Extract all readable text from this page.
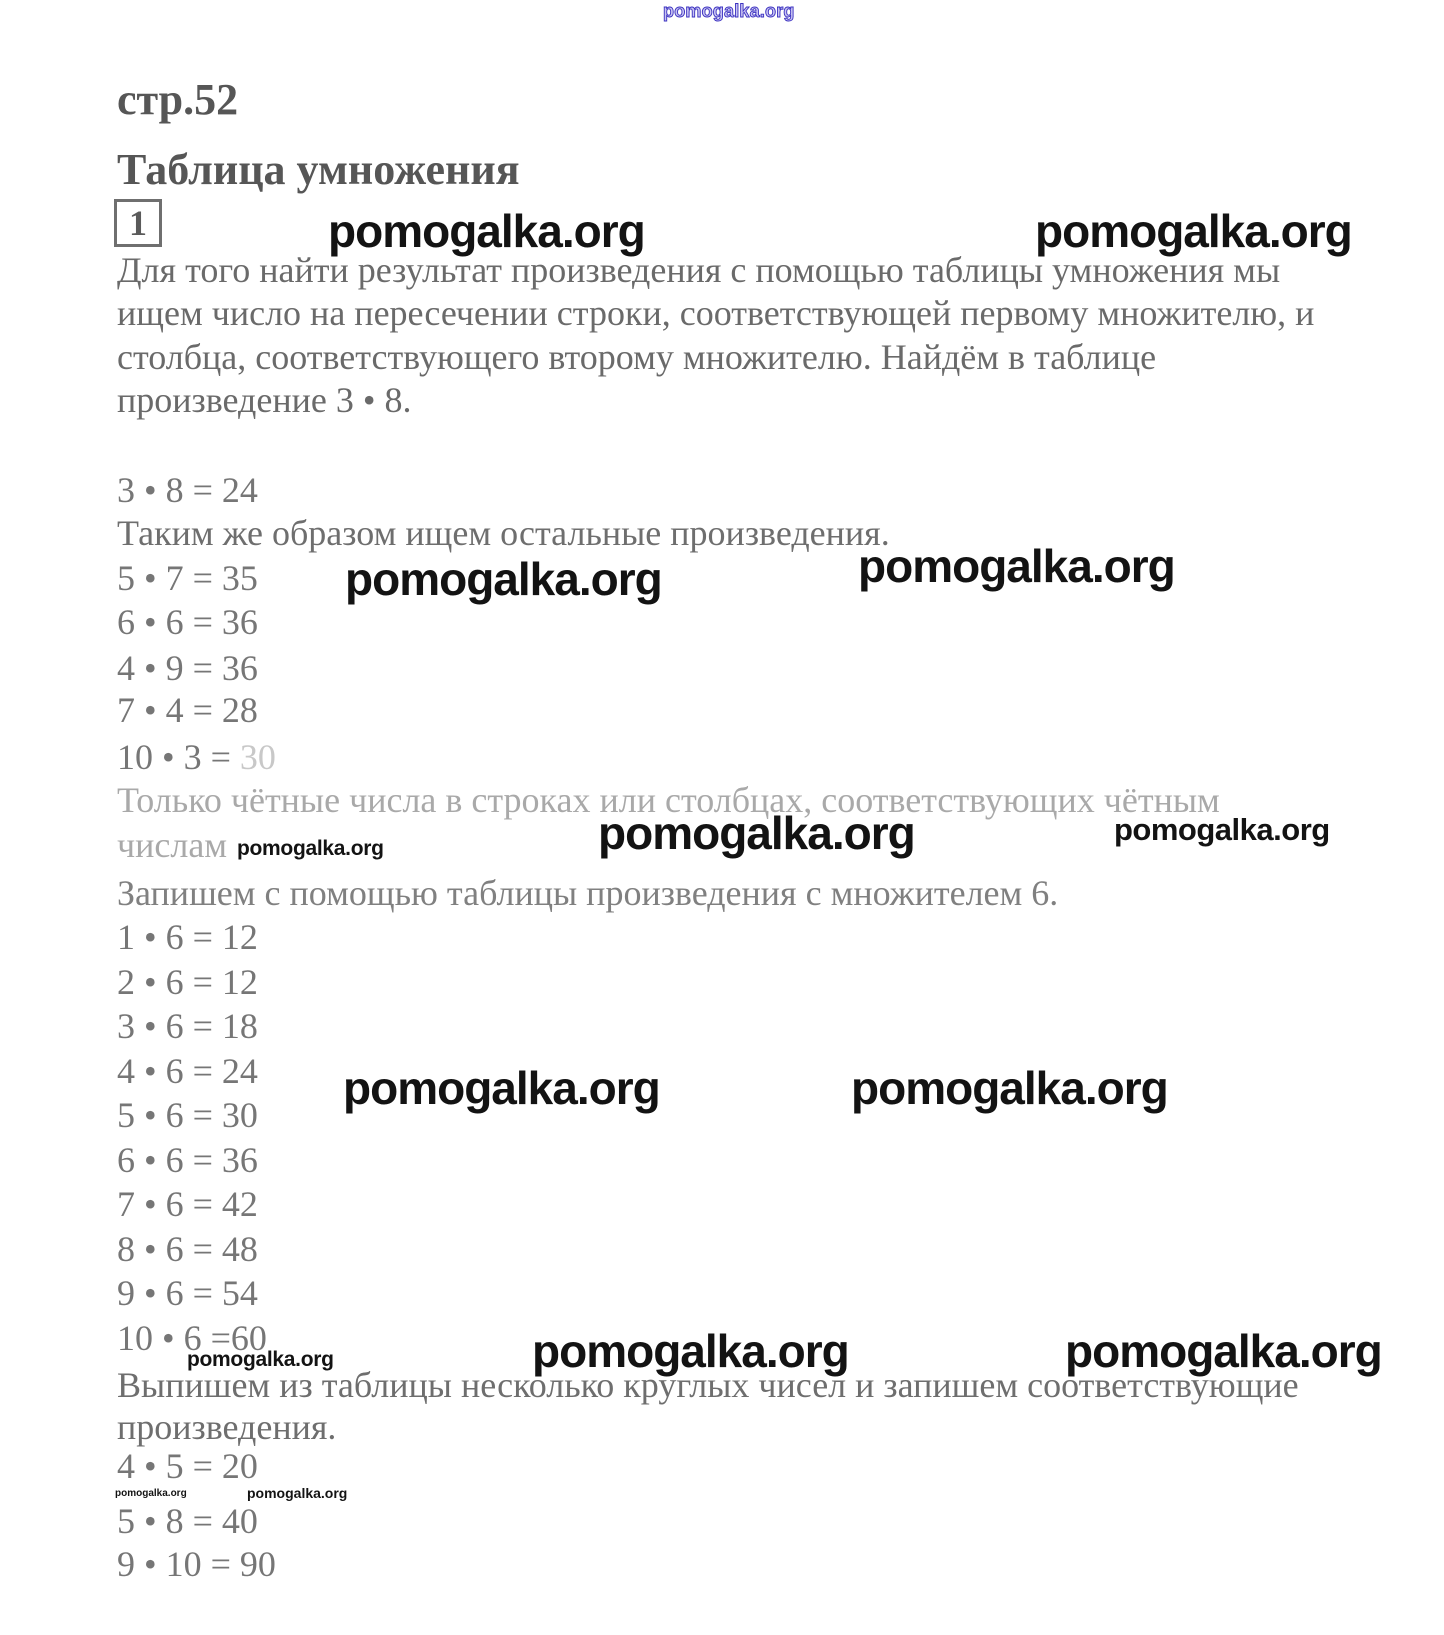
pomogalka.org
pomogalka.org	pomogalka.org
pomogalka.org	pomogalka.org
pomogalka.org	pomogalka.org
pomogalka.org
pomogalka.org	pomogalka.org
pomogalka.org	pomogalka.org	pomogalka.org
pomogalka.org	pomogalka.org
стр.52
Таблица умножения
1
Для того найти результат произведения с помощью таблицы умножения мы
ищем число на пересечении строки, соответствующей первому множителю, и
столбца, соответствующего второму множителю. Найдём в таблице
произведение 3 • 8.
3 • 8 = 24
Таким же образом ищем остальные произведения.
5 • 7 = 35
6 • 6 = 36
4 • 9 = 36
7 • 4 = 28
10 • 3 = 30
Только чётные числа в строках или столбцах, соответствующих чётным
числам
Запишем с помощью таблицы произведения с множителем 6.
1 • 6 = 12
2 • 6 = 12
3 • 6 = 18
4 • 6 = 24
5 • 6 = 30
6 • 6 = 36
7 • 6 = 42
8 • 6 = 48
9 • 6 = 54
10 • 6 =60
Выпишем из таблицы несколько круглых чисел и запишем соответствующие
произведения.
4 • 5 = 20
5 • 8 = 40
9 • 10 = 90
